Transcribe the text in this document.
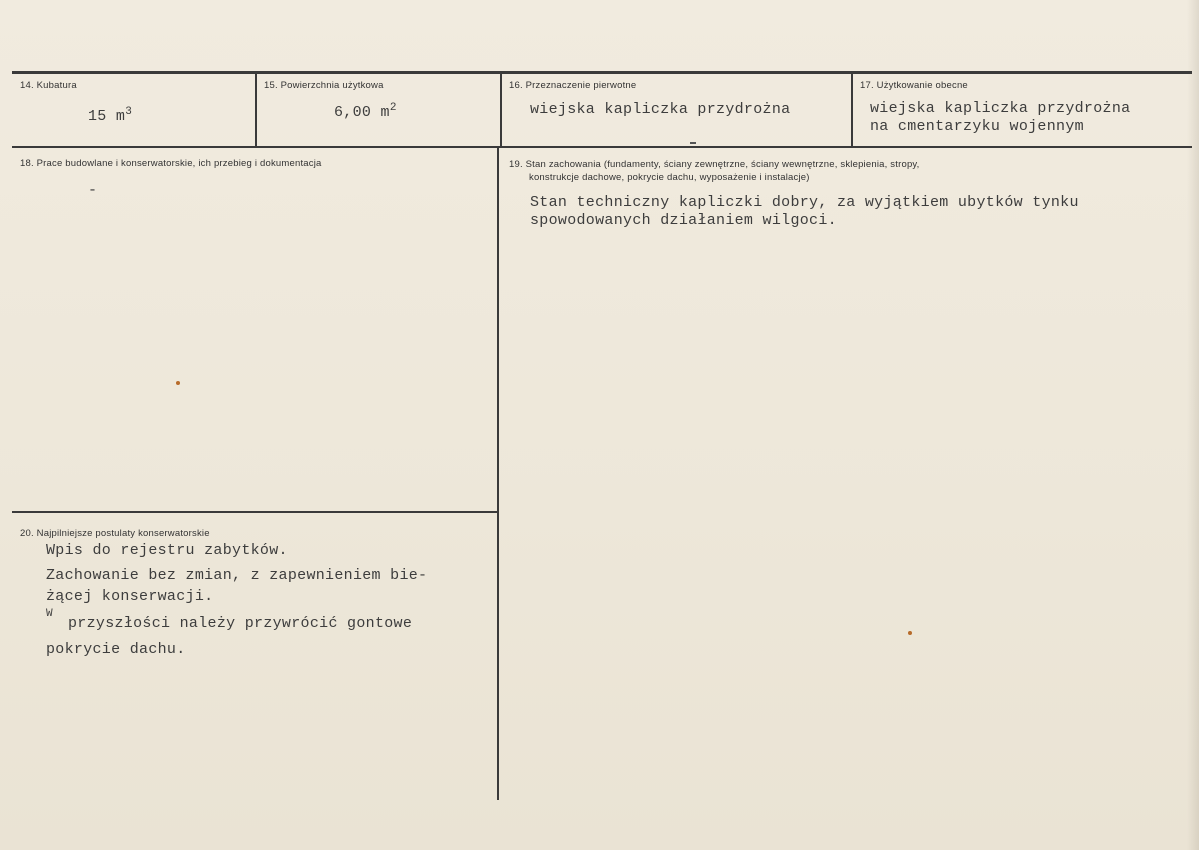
14. Kubatura
15 $m^3$
15. Powierzchnia użytkowa
6,00 $m^2$
16. Przeznaczenie pierwotne
wiejska kapliczka przydrożna
17. Użytkowanie obecne
wiejska kapliczka przydrożna
na cmentarzyku wojennym
18. Prace budowlane i konserwatorskie, ich przebieg i dokumentacja
-
19. Stan zachowania (fundamenty, ściany zewnętrzne, ściany wewnętrzne, sklepienia, stropy,
konstrukcje dachowe, pokrycie dachu, wyposażenie i instalacje)
Stan techniczny kapliczki dobry, za wyjątkiem ubytków tynku
spowodowanych działaniem wilgoci.
20. Najpilniejsze postulaty konserwatorskie
Wpis do rejestru zabytków.
Zachowanie bez zmian, z zapewnieniem bie-
żącej konserwacji.
W
przyszłości należy przywrócić gontowe
pokrycie dachu.
